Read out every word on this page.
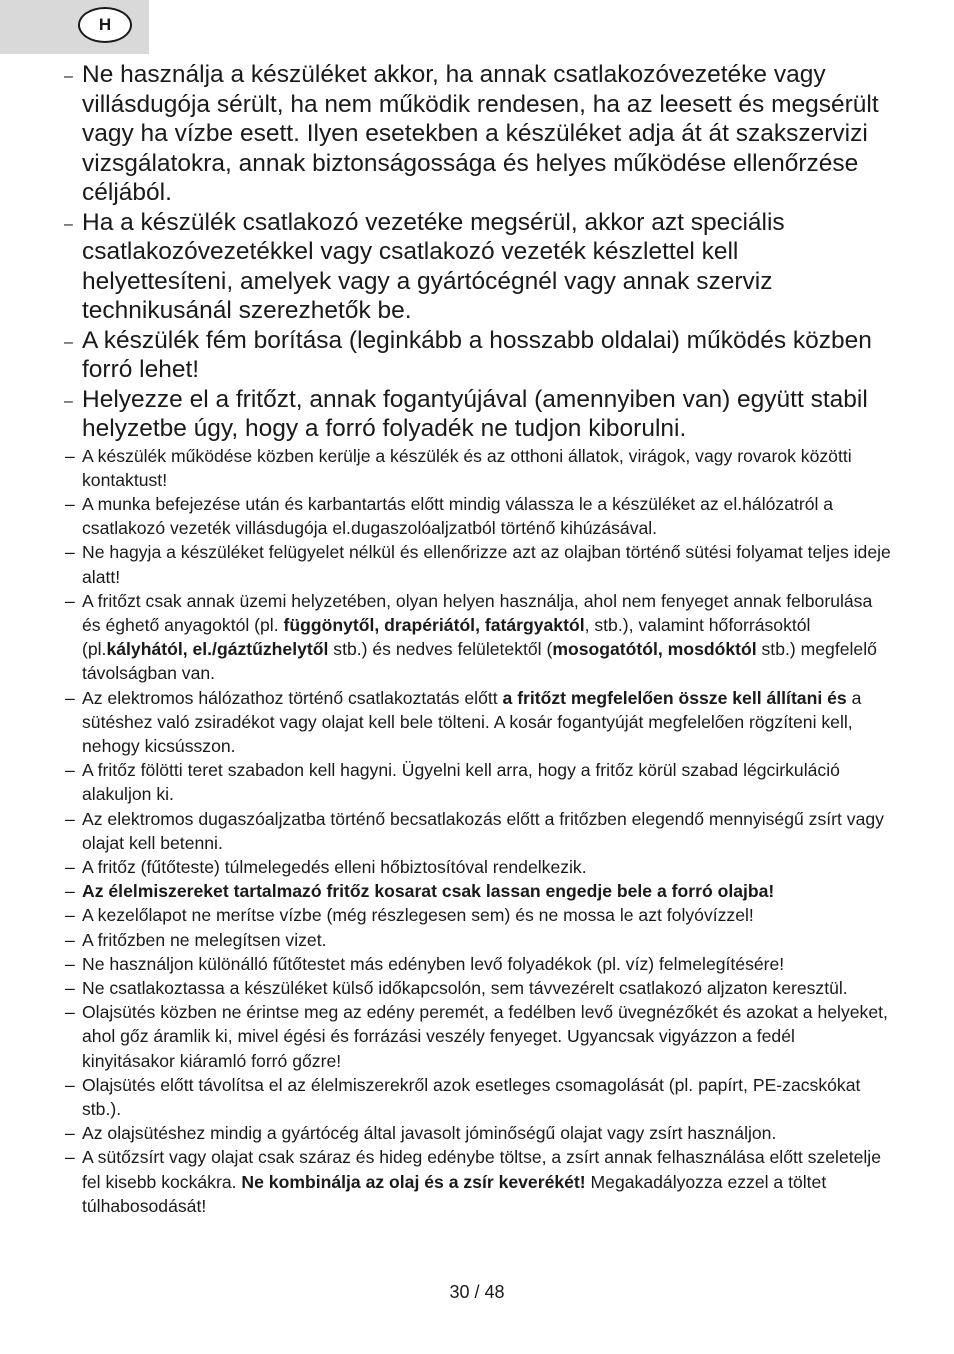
H
– Ne használja a készüléket akkor, ha annak csatlakozóvezetéke vagy villásdugója sérült, ha nem működik rendesen, ha az leesett és megsérült vagy ha vízbe esett. Ilyen esetekben a készüléket adja át át szakszervizi vizsgálatokra, annak biztonságossága és helyes működése ellenőrzése céljából.
– Ha a készülék csatlakozó vezetéke megsérül, akkor azt speciális csatlakozóvezetékkel vagy csatlakozó vezeték készlettel kell helyettesíteni, amelyek vagy a gyártócégnél vagy annak szerviz technikusánál szerezhetők be.
– A készülék fém borítása (leginkább a hosszabb oldalai) működés közben forró lehet!
– Helyezze el a fritőzt, annak fogantyújával (amennyiben van) együtt stabil helyzetbe úgy, hogy a forró folyadék ne tudjon kiborulni.
– A készülék működése közben kerülje a készülék és az otthoni állatok, virágok, vagy rovarok közötti kontaktust!
– A munka befejezése után és karbantartás előtt mindig válassza le a készüléket az el.hálózatról a csatlakozó vezeték villásdugója el.dugaszolóaljzatból történő kihúzásával.
– Ne hagyja a készüléket felügyelet nélkül és ellenőrizze azt az olajban történő sütési folyamat teljes ideje alatt!
– A fritőzt csak annak üzemi helyzetében, olyan helyen használja, ahol nem fenyeget annak felborulása és éghető anyagoktól (pl. függönytől, drapériától, fatárgyaktól, stb.), valamint hőforrásoktól (pl.kályhától, el./gáztűzhelytől stb.) és nedves felületektől (mosogatótól, mosdóktól stb.) megfelelő távolságban van.
– Az elektromos hálózathoz történő csatlakoztatás előtt a fritőzt megfelelően össze kell állítani és a sütéshez való zsiradékot vagy olajat kell bele tölteni. A kosár fogantyúját megfelelően rögzíteni kell, nehogy kicsússzon.
– A fritőz fölötti teret szabadon kell hagyni. Ügyelni kell arra, hogy a fritőz körül szabad légcirkuláció alakuljon ki.
– Az elektromos dugaszóaljzatba történő becsatlakozás előtt a fritőzben elegendő mennyiségű zsírt vagy olajat kell betenni.
– A fritőz (fűtőteste) túlmelegedés elleni hőbiztosítóval rendelkezik.
– Az élelmiszereket tartalmazó fritőz kosarat csak lassan engedje bele a forró olajba!
– A kezelőlapot ne merítse vízbe (még részlegesen sem) és ne mossa le azt folyóvízzel!
– A fritőzben ne melegítsen vizet.
– Ne használjon különálló fűtőtestet más edényben levő folyadékok (pl. víz) felmelegítésére!
– Ne csatlakoztassa a készüléket külső időkapcsolón, sem távvezérelt csatlakozó aljzaton keresztül.
– Olajsütés közben ne érintse meg az edény peremét, a fedélben levő üvegnézőkét és azokat a helyeket, ahol gőz áramlik ki, mivel égési és forrázási veszély fenyeget. Ugyancsak vigyázzon a fedél kinyitásakor kiáramló forró gőzre!
– Olajsütés előtt távolítsa el az élelmiszerekről azok esetleges csomagolását (pl. papírt, PE-zacskókat stb.).
– Az olajsütéshez mindig a gyártócég által javasolt jóminőségű olajat vagy zsírt használjon.
– A sütőzsírt vagy olajat csak száraz és hideg edénybe töltse, a zsírt annak felhasználása előtt szeletelje fel kisebb kockákra. Ne kombinálja az olaj és a zsír keverékét! Megakadályozza ezzel a töltet túlhabosodását!
30 / 48
